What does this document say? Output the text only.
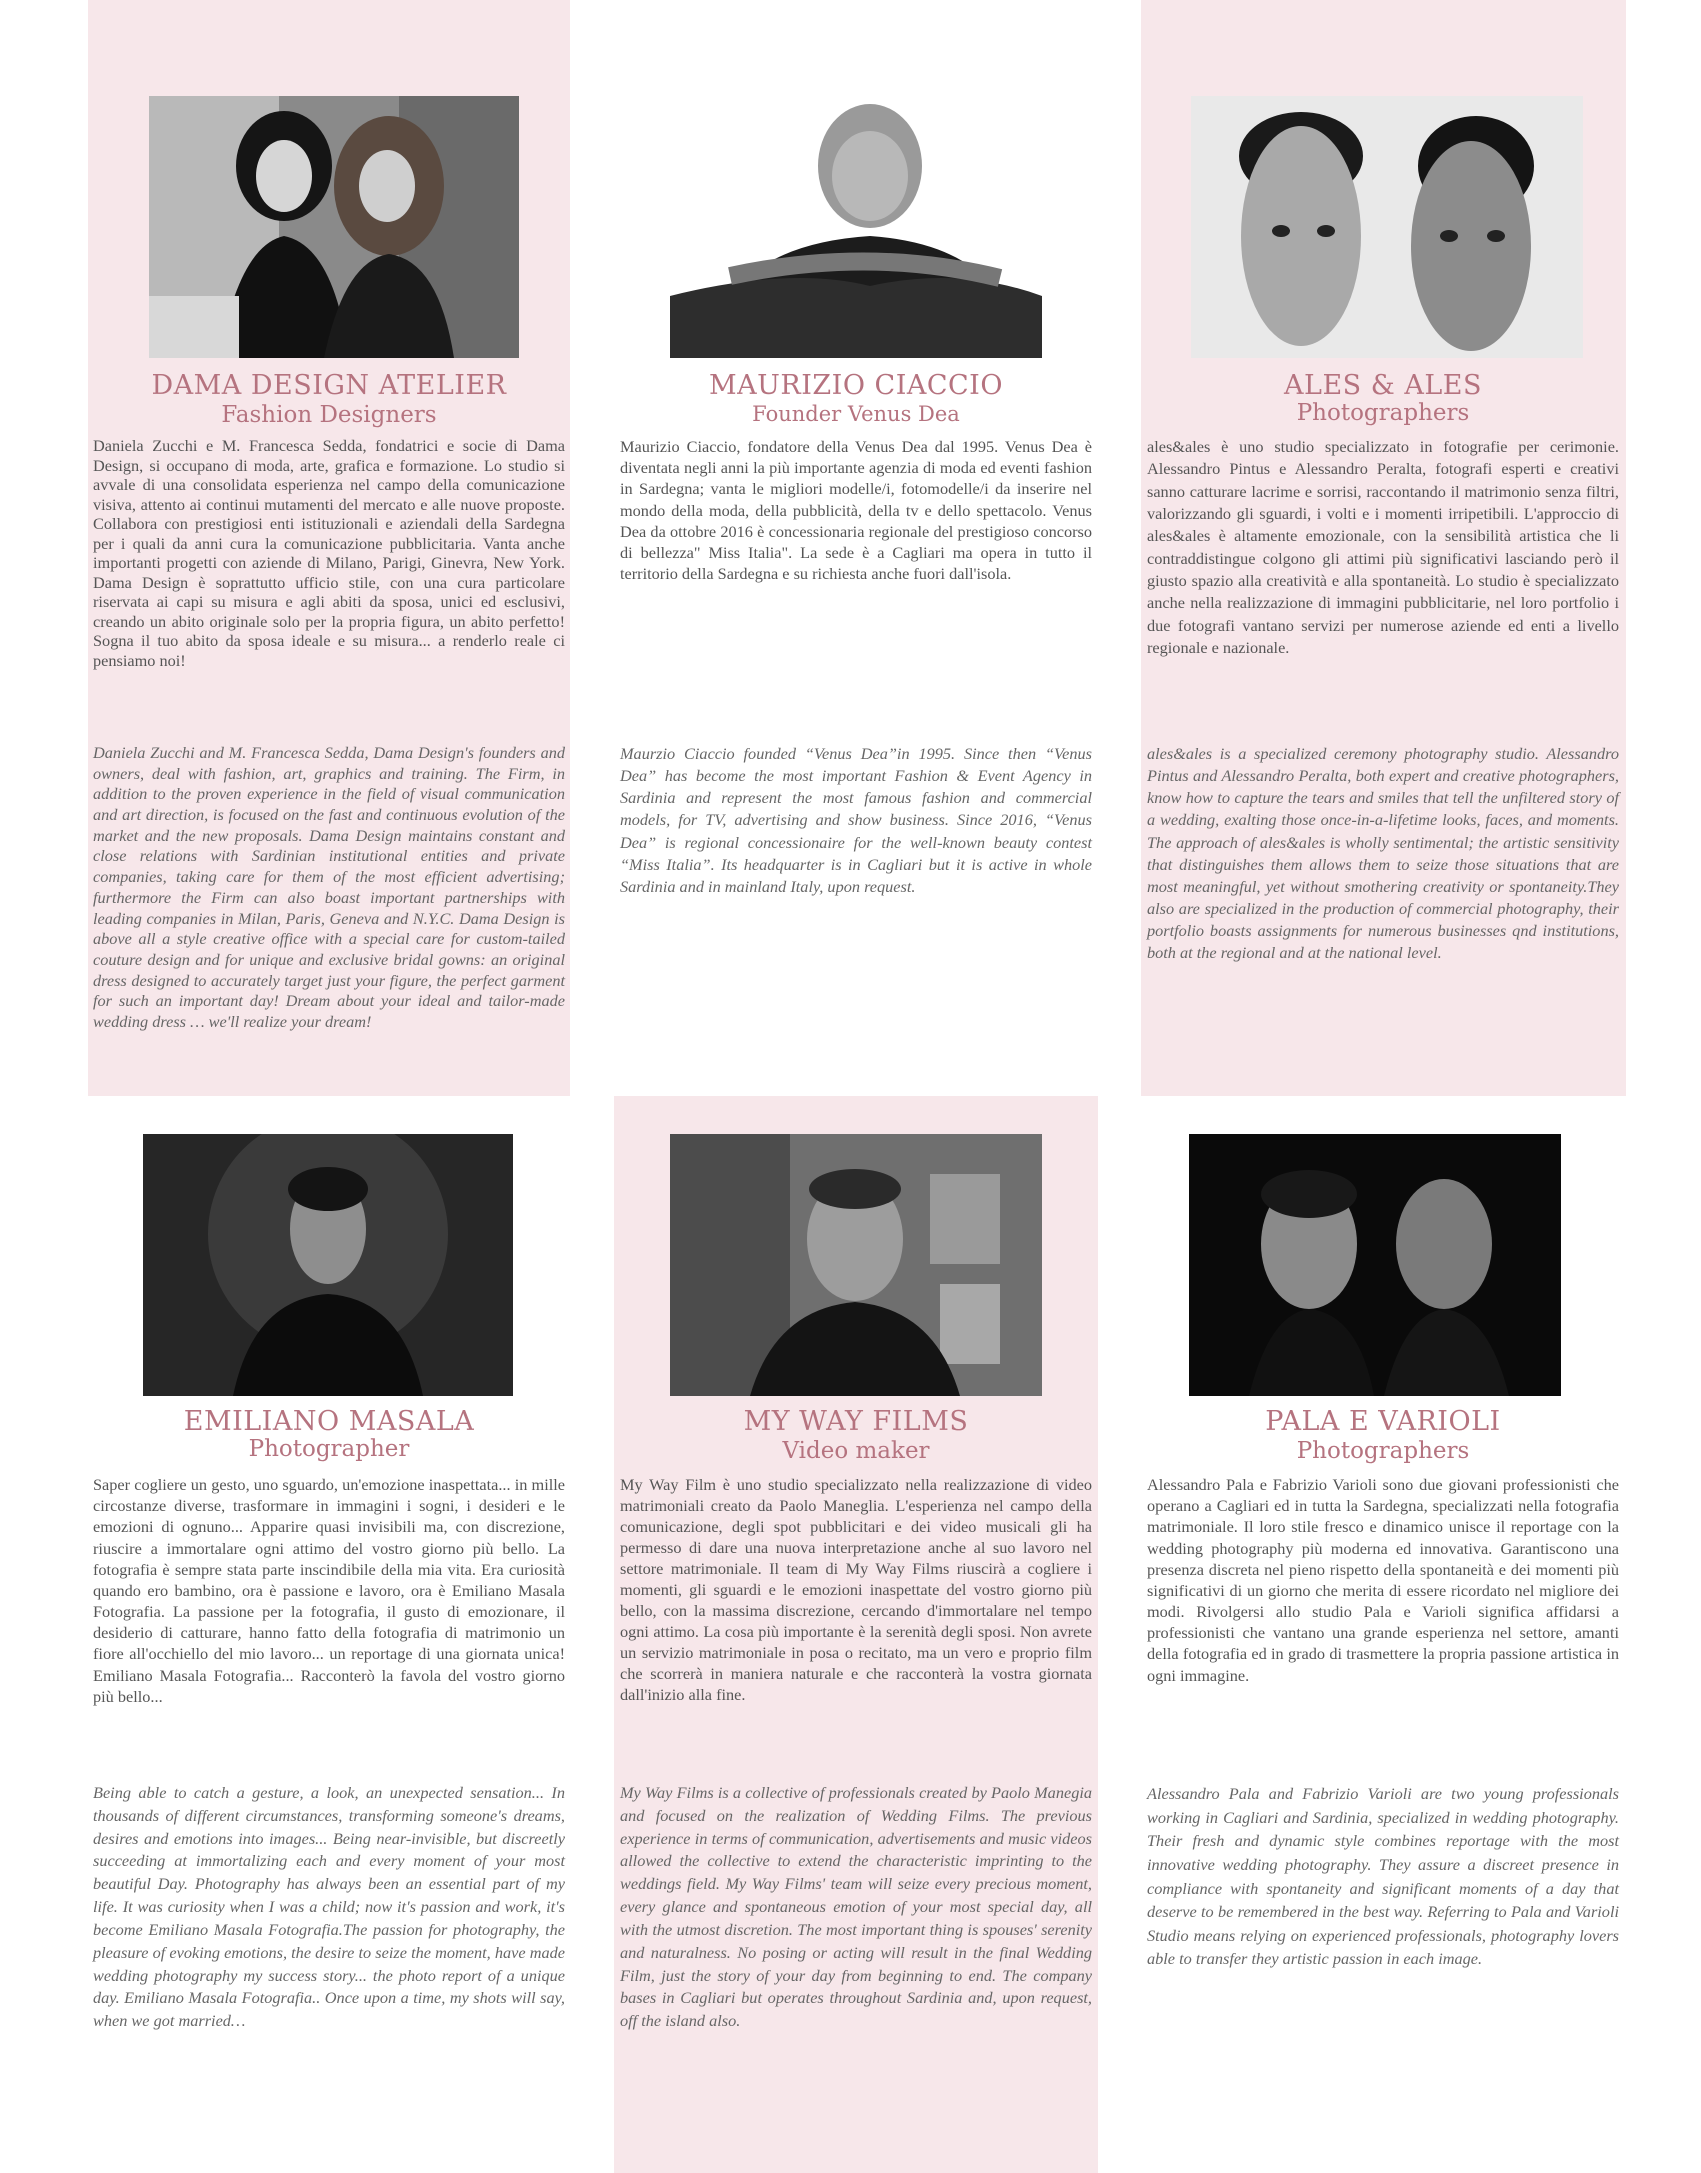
DAMA DESIGN ATELIER
Fashion Designers
Daniela Zucchi e M. Francesca Sedda, fondatrici e socie di Dama Design, si occupano di moda, arte, grafica e formazione. Lo studio si avvale di una consolidata esperienza nel campo della comunicazione visiva, attento ai continui mutamenti del mercato e alle nuove proposte. Collabora con prestigiosi enti istituzionali e aziendali della Sardegna per i quali da anni cura la comunicazione pubblicitaria. Vanta anche importanti progetti con aziende di Milano, Parigi, Ginevra, New York. Dama Design è soprattutto ufficio stile, con una cura particolare riservata ai capi su misura e agli abiti da sposa, unici ed esclusivi, creando un abito originale solo per la propria figura, un abito perfetto! Sogna il tuo abito da sposa ideale e su misura... a renderlo reale ci pensiamo noi!
Daniela Zucchi and M. Francesca Sedda, Dama Design's founders and owners, deal with fashion, art, graphics and training. The Firm, in addition to the proven experience in the field of visual communication and art direction, is focused on the fast and continuous evolution of the market and the new proposals. Dama Design maintains constant and close relations with Sardinian institutional entities and private companies, taking care for them of the most efficient advertising; furthermore the Firm can also boast important partnerships with leading companies in Milan, Paris, Geneva and N.Y.C. Dama Design is above all a style creative office with a special care for custom-tailed couture design and for unique and exclusive bridal gowns: an original dress designed to accurately target just your figure, the perfect garment for such an important day! Dream about your ideal and tailor-made wedding dress … we'll realize your dream!
MAURIZIO CIACCIO
Founder Venus Dea
Maurizio Ciaccio, fondatore della Venus Dea dal 1995. Venus Dea è diventata negli anni la più importante agenzia di moda ed eventi fashion in Sardegna; vanta le migliori modelle/i, fotomodelle/i da inserire nel mondo della moda, della pubblicità, della tv e dello spettacolo. Venus Dea da ottobre 2016 è concessionaria regionale del prestigioso concorso di bellezza" Miss Italia". La sede è a Cagliari ma opera in tutto il territorio della Sardegna e su richiesta anche fuori dall'isola.
Maurzio Ciaccio founded “Venus Dea”in 1995. Since then “Venus Dea” has become the most important Fashion & Event Agency in Sardinia and represent the most famous fashion and commercial models, for TV, advertising and show business. Since 2016, “Venus Dea” is regional concessionaire for the well-known beauty contest “Miss Italia”. Its headquarter is in Cagliari but it is active in whole Sardinia and in mainland Italy, upon request.
ALES & ALES
Photographers
ales&ales è uno studio specializzato in fotografie per cerimonie. Alessandro Pintus e Alessandro Peralta, fotografi esperti e creativi sanno catturare lacrime e sorrisi, raccontando il matrimonio senza filtri, valorizzando gli sguardi, i volti e i momenti irripetibili. L'approccio di ales&ales è altamente emozionale, con la sensibilità artistica che li contraddistingue colgono gli attimi più significativi lasciando però il giusto spazio alla creatività e alla spontaneità. Lo studio è specializzato anche nella realizzazione di immagini pubblicitarie, nel loro portfolio i due fotografi vantano servizi per numerose aziende ed enti a livello regionale e nazionale.
ales&ales is a specialized ceremony photography studio. Alessandro Pintus and Alessandro Peralta, both expert and creative photographers, know how to capture the tears and smiles that tell the unfiltered story of a wedding, exalting those once-in-a-lifetime looks, faces, and moments. The approach of ales&ales is wholly sentimental; the artistic sensitivity that distinguishes them allows them to seize those situations that are most meaningful, yet without smothering creativity or spontaneity.They also are specialized in the production of commercial photography, their portfolio boasts assignments for numerous businesses qnd institutions, both at the regional and at the national level.
EMILIANO MASALA
Photographer
Saper cogliere un gesto, uno sguardo, un'emozione inaspettata... in mille circostanze diverse, trasformare in immagini i sogni, i desideri e le emozioni di ognuno... Apparire quasi invisibili ma, con discrezione, riuscire a immortalare ogni attimo del vostro giorno più bello. La fotografia è sempre stata parte inscindibile della mia vita. Era curiosità quando ero bambino, ora è passione e lavoro, ora è Emiliano Masala Fotografia. La passione per la fotografia, il gusto di emozionare, il desiderio di catturare, hanno fatto della fotografia di matrimonio un fiore all'occhiello del mio lavoro... un reportage di una giornata unica! Emiliano Masala Fotografia... Racconterò la favola del vostro giorno più bello...
Being able to catch a gesture, a look, an unexpected sensation... In thousands of different circumstances, transforming someone's dreams, desires and emotions into images... Being near-invisible, but discreetly succeeding at immortalizing each and every moment of your most beautiful Day. Photography has always been an essential part of my life. It was curiosity when I was a child; now it's passion and work, it's become Emiliano Masala Fotografia.The passion for photography, the pleasure of evoking emotions, the desire to seize the moment, have made wedding photography my success story... the photo report of a unique day. Emiliano Masala Fotografia.. Once upon a time, my shots will say, when we got married…
MY WAY FILMS
Video maker
My Way Film è uno studio specializzato nella realizzazione di video matrimoniali creato da Paolo Maneglia. L'esperienza nel campo della comunicazione, degli spot pubblicitari e dei video musicali gli ha permesso di dare una nuova interpretazione anche al suo lavoro nel settore matrimoniale. Il team di My Way Films riuscirà a cogliere i momenti, gli sguardi e le emozioni inaspettate del vostro giorno più bello, con la massima discrezione, cercando d'immortalare nel tempo ogni attimo. La cosa più importante è la serenità degli sposi. Non avrete un servizio matrimoniale in posa o recitato, ma un vero e proprio film che scorrerà in maniera naturale e che racconterà la vostra giornata dall'inizio alla fine.
My Way Films is a collective of professionals created by Paolo Manegia and focused on the realization of Wedding Films. The previous experience in terms of communication, advertisements and music videos allowed the collective to extend the characteristic imprinting to the weddings field. My Way Films' team will seize every precious moment, every glance and spontaneous emotion of your most special day, all with the utmost discretion. The most important thing is spouses' serenity and naturalness. No posing or acting will result in the final Wedding Film, just the story of your day from beginning to end. The company bases in Cagliari but operates throughout Sardinia and, upon request, off the island also.
PALA E VARIOLI
Photographers
Alessandro Pala e Fabrizio Varioli sono due giovani professionisti che operano a Cagliari ed in tutta la Sardegna, specializzati nella fotografia matrimoniale. Il loro stile fresco e dinamico unisce il reportage con la wedding photography più moderna ed innovativa. Garantiscono una presenza discreta nel pieno rispetto della spontaneità e dei momenti più significativi di un giorno che merita di essere ricordato nel migliore dei modi. Rivolgersi allo studio Pala e Varioli significa affidarsi a professionisti che vantano una grande esperienza nel settore, amanti della fotografia ed in grado di trasmettere la propria passione artistica in ogni immagine.
Alessandro Pala and Fabrizio Varioli are two young professionals working in Cagliari and Sardinia, specialized in wedding photography. Their fresh and dynamic style combines reportage with the most innovative wedding photography. They assure a discreet presence in compliance with spontaneity and significant moments of a day that deserve to be remembered in the best way. Referring to Pala and Varioli Studio means relying on experienced professionals, photography lovers able to transfer they artistic passion in each image.
